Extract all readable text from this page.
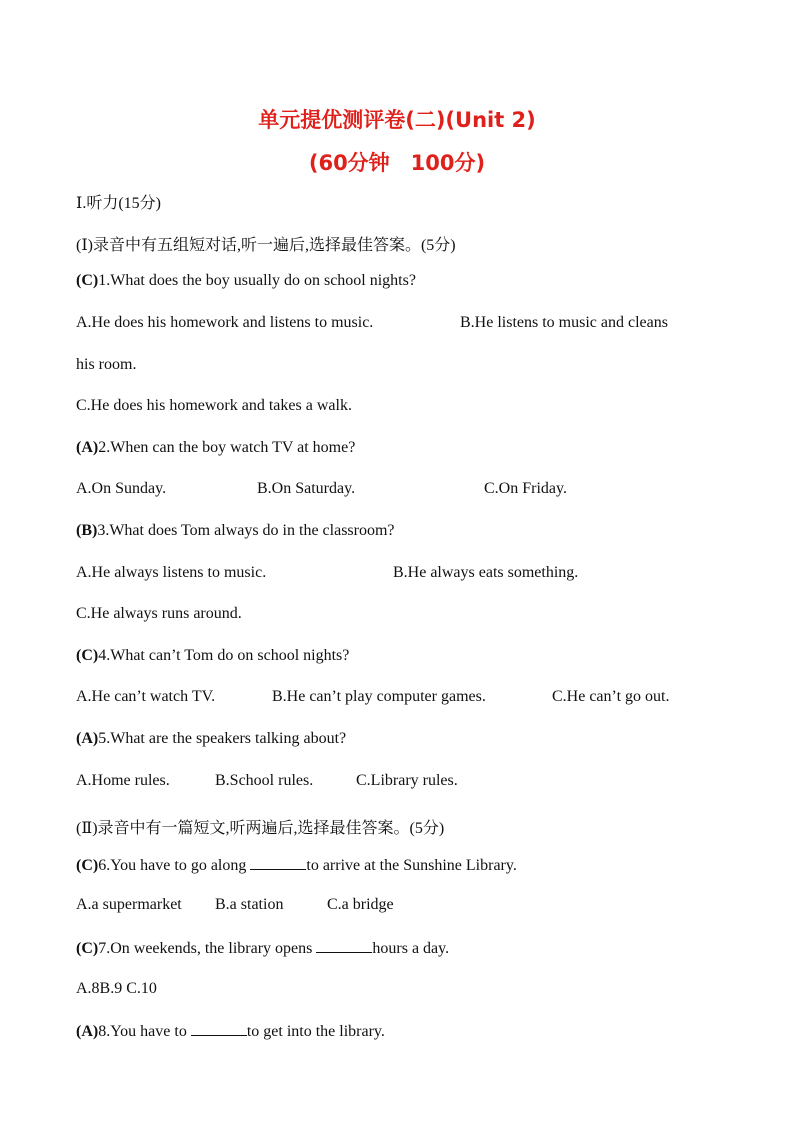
单元提优测评卷(二)(Unit 2)
(60分钟　100分)
Ⅰ.听力(15分)
(Ⅰ)录音中有五组短对话,听一遍后,选择最佳答案。(5分)
(C)1.What does the boy usually do on school nights?
A.He does his homework and listens to music.	B.He listens to music and cleans
his room.
C.He does his homework and takes a walk.
(A)2.When can the boy watch TV at home?
A.On Sunday.	B.On Saturday.	C.On Friday.
(B)3.What does Tom always do in the classroom?
A.He always listens to music.	B.He always eats something.
C.He always runs around.
(C)4.What can’t Tom do on school nights?
A.He can’t watch TV.	B.He can’t play computer games.	C.He can’t go out.
(A)5.What are the speakers talking about?
A.Home rules.	B.School rules.	C.Library rules.
(Ⅱ)录音中有一篇短文,听两遍后,选择最佳答案。(5分)
(C)6.You have to go along	to arrive at the Sunshine Library.
A.a supermarket B.a station	C.a bridge
(C)7.On weekends, the library opens	hours a day.
A.8B.9 C.10
(A)8.You have to	to get into the library.
